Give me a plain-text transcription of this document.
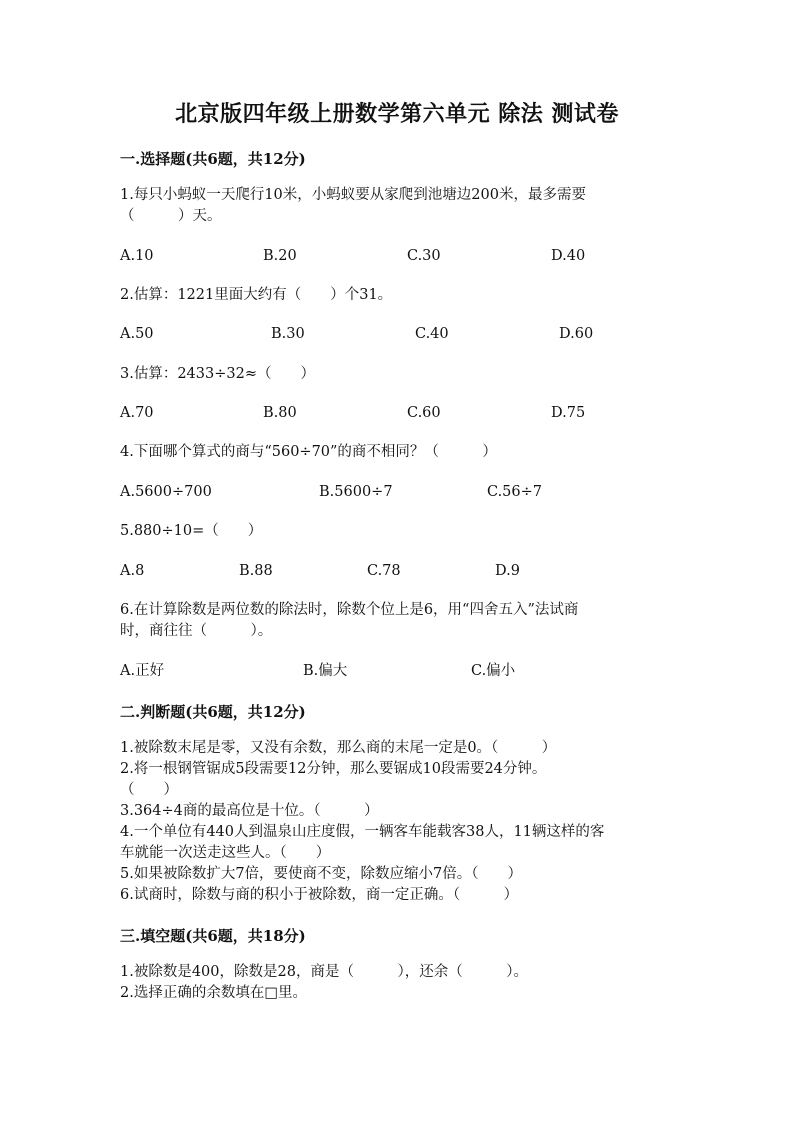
北京版四年级上册数学第六单元 除法 测试卷
一.选择题(共6题，共12分)
1.每只小蚂蚁一天爬行10米，小蚂蚁要从家爬到池塘边200米，最多需要
（　　　）天。
A.10	B.20	C.30	D.40
2.估算：1221里面大约有（　　）个31。
A.50	B.30	C.40	D.60
3.估算：2433÷32≈（　　）
A.70	B.80	C.60	D.75
4.下面哪个算式的商与“560÷70”的商不相同？（　　　）
A.5600÷700	B.5600÷7	C.56÷7
5.880÷10=（　　）
A.8	B.88	C.78	D.9
6.在计算除数是两位数的除法时，除数个位上是6，用“四舍五入”法试商
时，商往往（　　　）。
A.正好	B.偏大	C.偏小
二.判断题(共6题，共12分)
1.被除数末尾是零，又没有余数，那么商的末尾一定是0。（　　　）
2.将一根钢管锯成5段需要12分钟，那么要锯成10段需要24分钟。
（　　）
3.364÷4商的最高位是十位。（　　　）
4.一个单位有440人到温泉山庄度假，一辆客车能载客38人，11辆这样的客
车就能一次送走这些人。（　　）
5.如果被除数扩大7倍，要使商不变，除数应缩小7倍。（　　）
6.试商时，除数与商的积小于被除数，商一定正确。（　　　）
三.填空题(共6题，共18分)
1.被除数是400，除数是28，商是（　　　），还余（　　　）。
2.选择正确的余数填在□里。
